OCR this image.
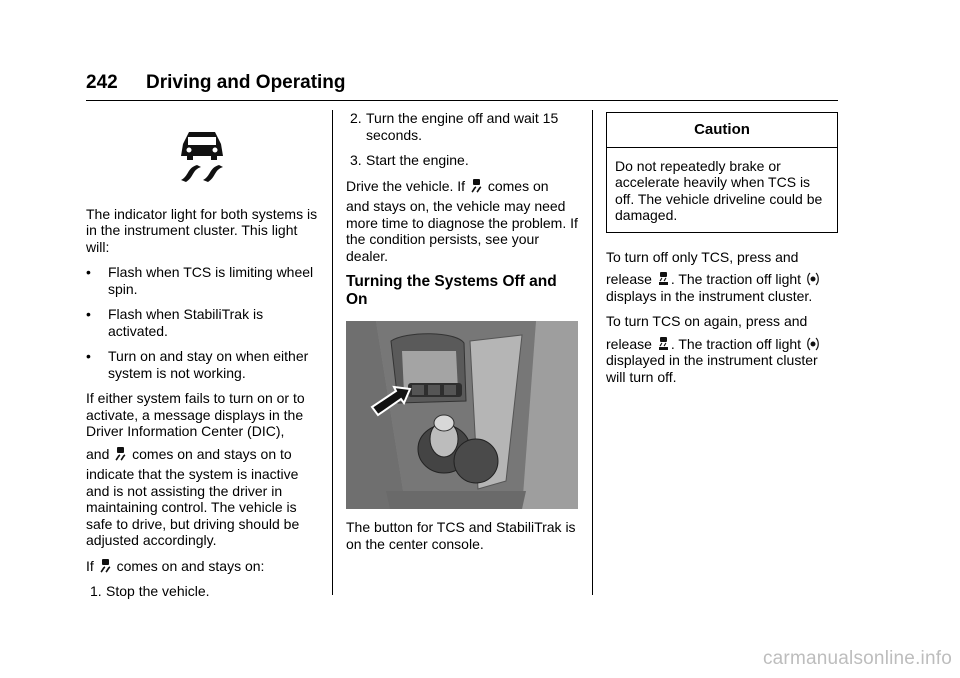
242 Driving and Operating

The indicator light for both systems is in the instrument cluster. This light will:

• Flash when TCS is limiting wheel spin.
• Flash when StabiliTrak is activated.
• Turn on and stay on when either system is not working.

If either system fails to turn on or to activate, a message displays in the Driver Information Center (DIC),

and comes on and stays on to

indicate that the system is inactive and is not assisting the driver in maintaining control. The vehicle is safe to drive, but driving should be adjusted accordingly.

If comes on and stays on:

1. Stop the vehicle.
2. Turn the engine off and wait 15 seconds.
3. Start the engine.

Drive the vehicle. If comes on

and stays on, the vehicle may need more time to diagnose the problem. If the condition persists, see your dealer.

Turning the Systems Off and On

The button for TCS and StabiliTrak is on the center console.

Caution
Do not repeatedly brake or accelerate heavily when TCS is off. The vehicle driveline could be damaged.

To turn off only TCS, press and
release . The traction off light
displays in the instrument cluster.

To turn TCS on again, press and
release . The traction off light
displayed in the instrument cluster will turn off.

carmanualsonline.info
